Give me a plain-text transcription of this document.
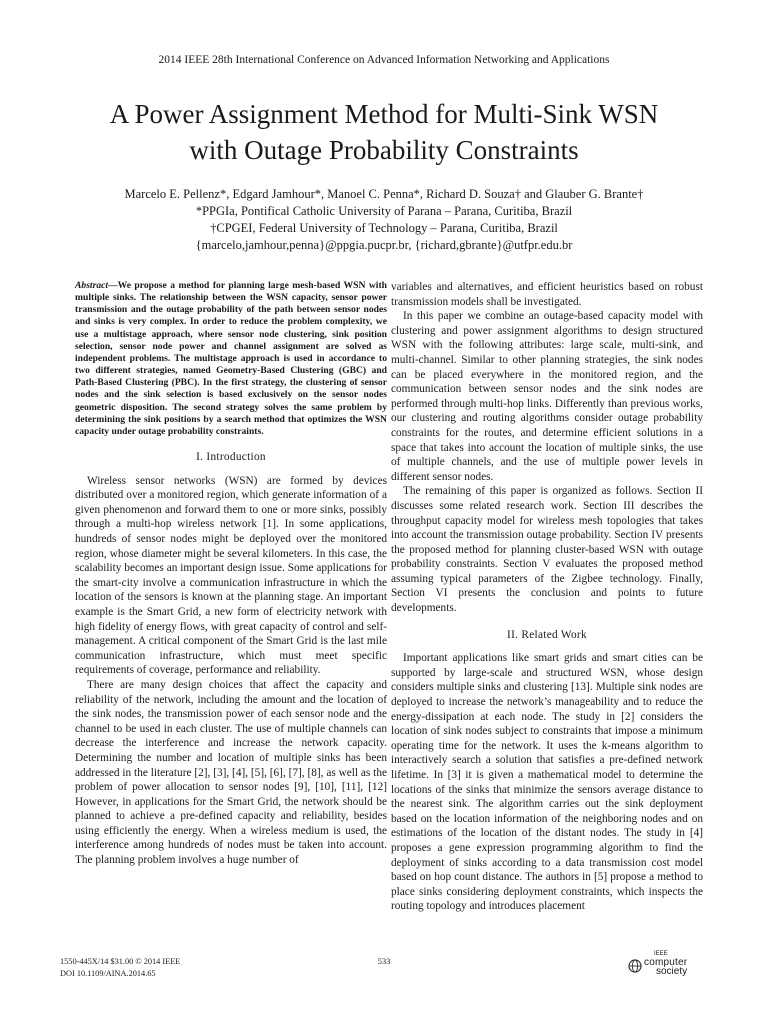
2014 IEEE 28th International Conference on Advanced Information Networking and Applications
A Power Assignment Method for Multi-Sink WSN
with Outage Probability Constraints
Marcelo E. Pellenz*, Edgard Jamhour*, Manoel C. Penna*, Richard D. Souza† and Glauber G. Brante†
*PPGIa, Pontifical Catholic University of Parana – Parana, Curitiba, Brazil
†CPGEI, Federal University of Technology – Parana, Curitiba, Brazil
{marcelo,jamhour,penna}@ppgia.pucpr.br, {richard,gbrante}@utfpr.edu.br
Abstract—We propose a method for planning large mesh-based WSN with multiple sinks. The relationship between the WSN capacity, sensor power transmission and the outage probability of the path between sensor nodes and sinks is very complex. In order to reduce the problem complexity, we use a multistage approach, where sensor node clustering, sink position selection, sensor node power and channel assignment are solved as independent problems. The multistage approach is used in accordance to two different strategies, named Geometry-Based Clustering (GBC) and Path-Based Clustering (PBC). In the first strategy, the clustering of sensor nodes and the sink selection is based exclusively on the sensor nodes geometric disposition. The second strategy solves the same problem by determining the sink positions by a search method that optimizes the WSN capacity under outage probability constraints.
I. Introduction

Wireless sensor networks (WSN) are formed by devices distributed over a monitored region, which generate information of a given phenomenon and forward them to one or more sinks, possibly through a multi-hop wireless network [1]. In some applications, hundreds of sensor nodes might be deployed over the monitored region, whose diameter might be several kilometers. In this case, the scalability becomes an important design issue. Some applications for the smart-city involve a communication infrastructure in which the location of the sensors is known at the planning stage. An important example is the Smart Grid, a new form of electricity network with high fidelity of energy flows, with great capacity of control and self-management. A critical component of the Smart Grid is the last mile communication infrastructure, which must meet specific requirements of coverage, performance and reliability.

There are many design choices that affect the capacity and reliability of the network, including the amount and the location of the sink nodes, the transmission power of each sensor node and the channel to be used in each cluster. The use of multiple channels can decrease the interference and increase the network capacity. Determining the number and location of multiple sinks has been addressed in the literature [2], [3], [4], [5], [6], [7], [8], as well as the problem of power allocation to sensor nodes [9], [10], [11], [12] However, in applications for the Smart Grid, the network should be planned to achieve a pre-defined capacity and reliability, besides using efficiently the energy. When a wireless medium is used, the interference among hundreds of nodes must be taken into account. The planning problem involves a huge number of

variables and alternatives, and efficient heuristics based on robust transmission models shall be investigated.

In this paper we combine an outage-based capacity model with clustering and power assignment algorithms to design structured WSN with the following attributes: large scale, multi-sink, and multi-channel. Similar to other planning strategies, the sink nodes can be placed everywhere in the monitored region, and the communication between sensor nodes and the sink nodes are performed through multi-hop links. Differently than previous works, our clustering and routing algorithms consider outage probability constraints for the routes, and determine efficient solutions in a space that takes into account the location of multiple sinks, the use of multiple channels, and the use of multiple power levels in different sensor nodes.

The remaining of this paper is organized as follows. Section II discusses some related research work. Section III describes the throughput capacity model for wireless mesh topologies that takes into account the transmission outage probability. Section IV presents the proposed method for planning cluster-based WSN with outage probability constraints. Section V evaluates the proposed method assuming typical parameters of the Zigbee technology. Finally, Section VI presents the conclusion and points to future developments.

II. Related Work

Important applications like smart grids and smart cities can be supported by large-scale and structured WSN, whose design considers multiple sinks and clustering [13]. Multiple sink nodes are deployed to increase the network’s manageability and to reduce the energy-dissipation at each node. The study in [2] considers the location of sink nodes subject to constraints that impose a minimum operating time for the network. It uses the k-means algorithm to interactively search a solution that satisfies a pre-defined network lifetime. In [3] it is given a mathematical model to determine the locations of the sinks that minimize the sensors average distance to the nearest sink. The algorithm carries out the sink deployment based on the location information of the neighboring nodes and on estimations of the location of the distant nodes. The study in [4] proposes a gene expression programming algorithm to find the deployment of sinks according to a data transmission cost model based on hop count distance. The authors in [5] propose a method to place sinks considering deployment constraints, which inspects the routing topology and introduces placement

1550-445X/14 $31.00 © 2014 IEEE
DOI 10.1109/AINA.2014.65
533
IEEE
computer
society
